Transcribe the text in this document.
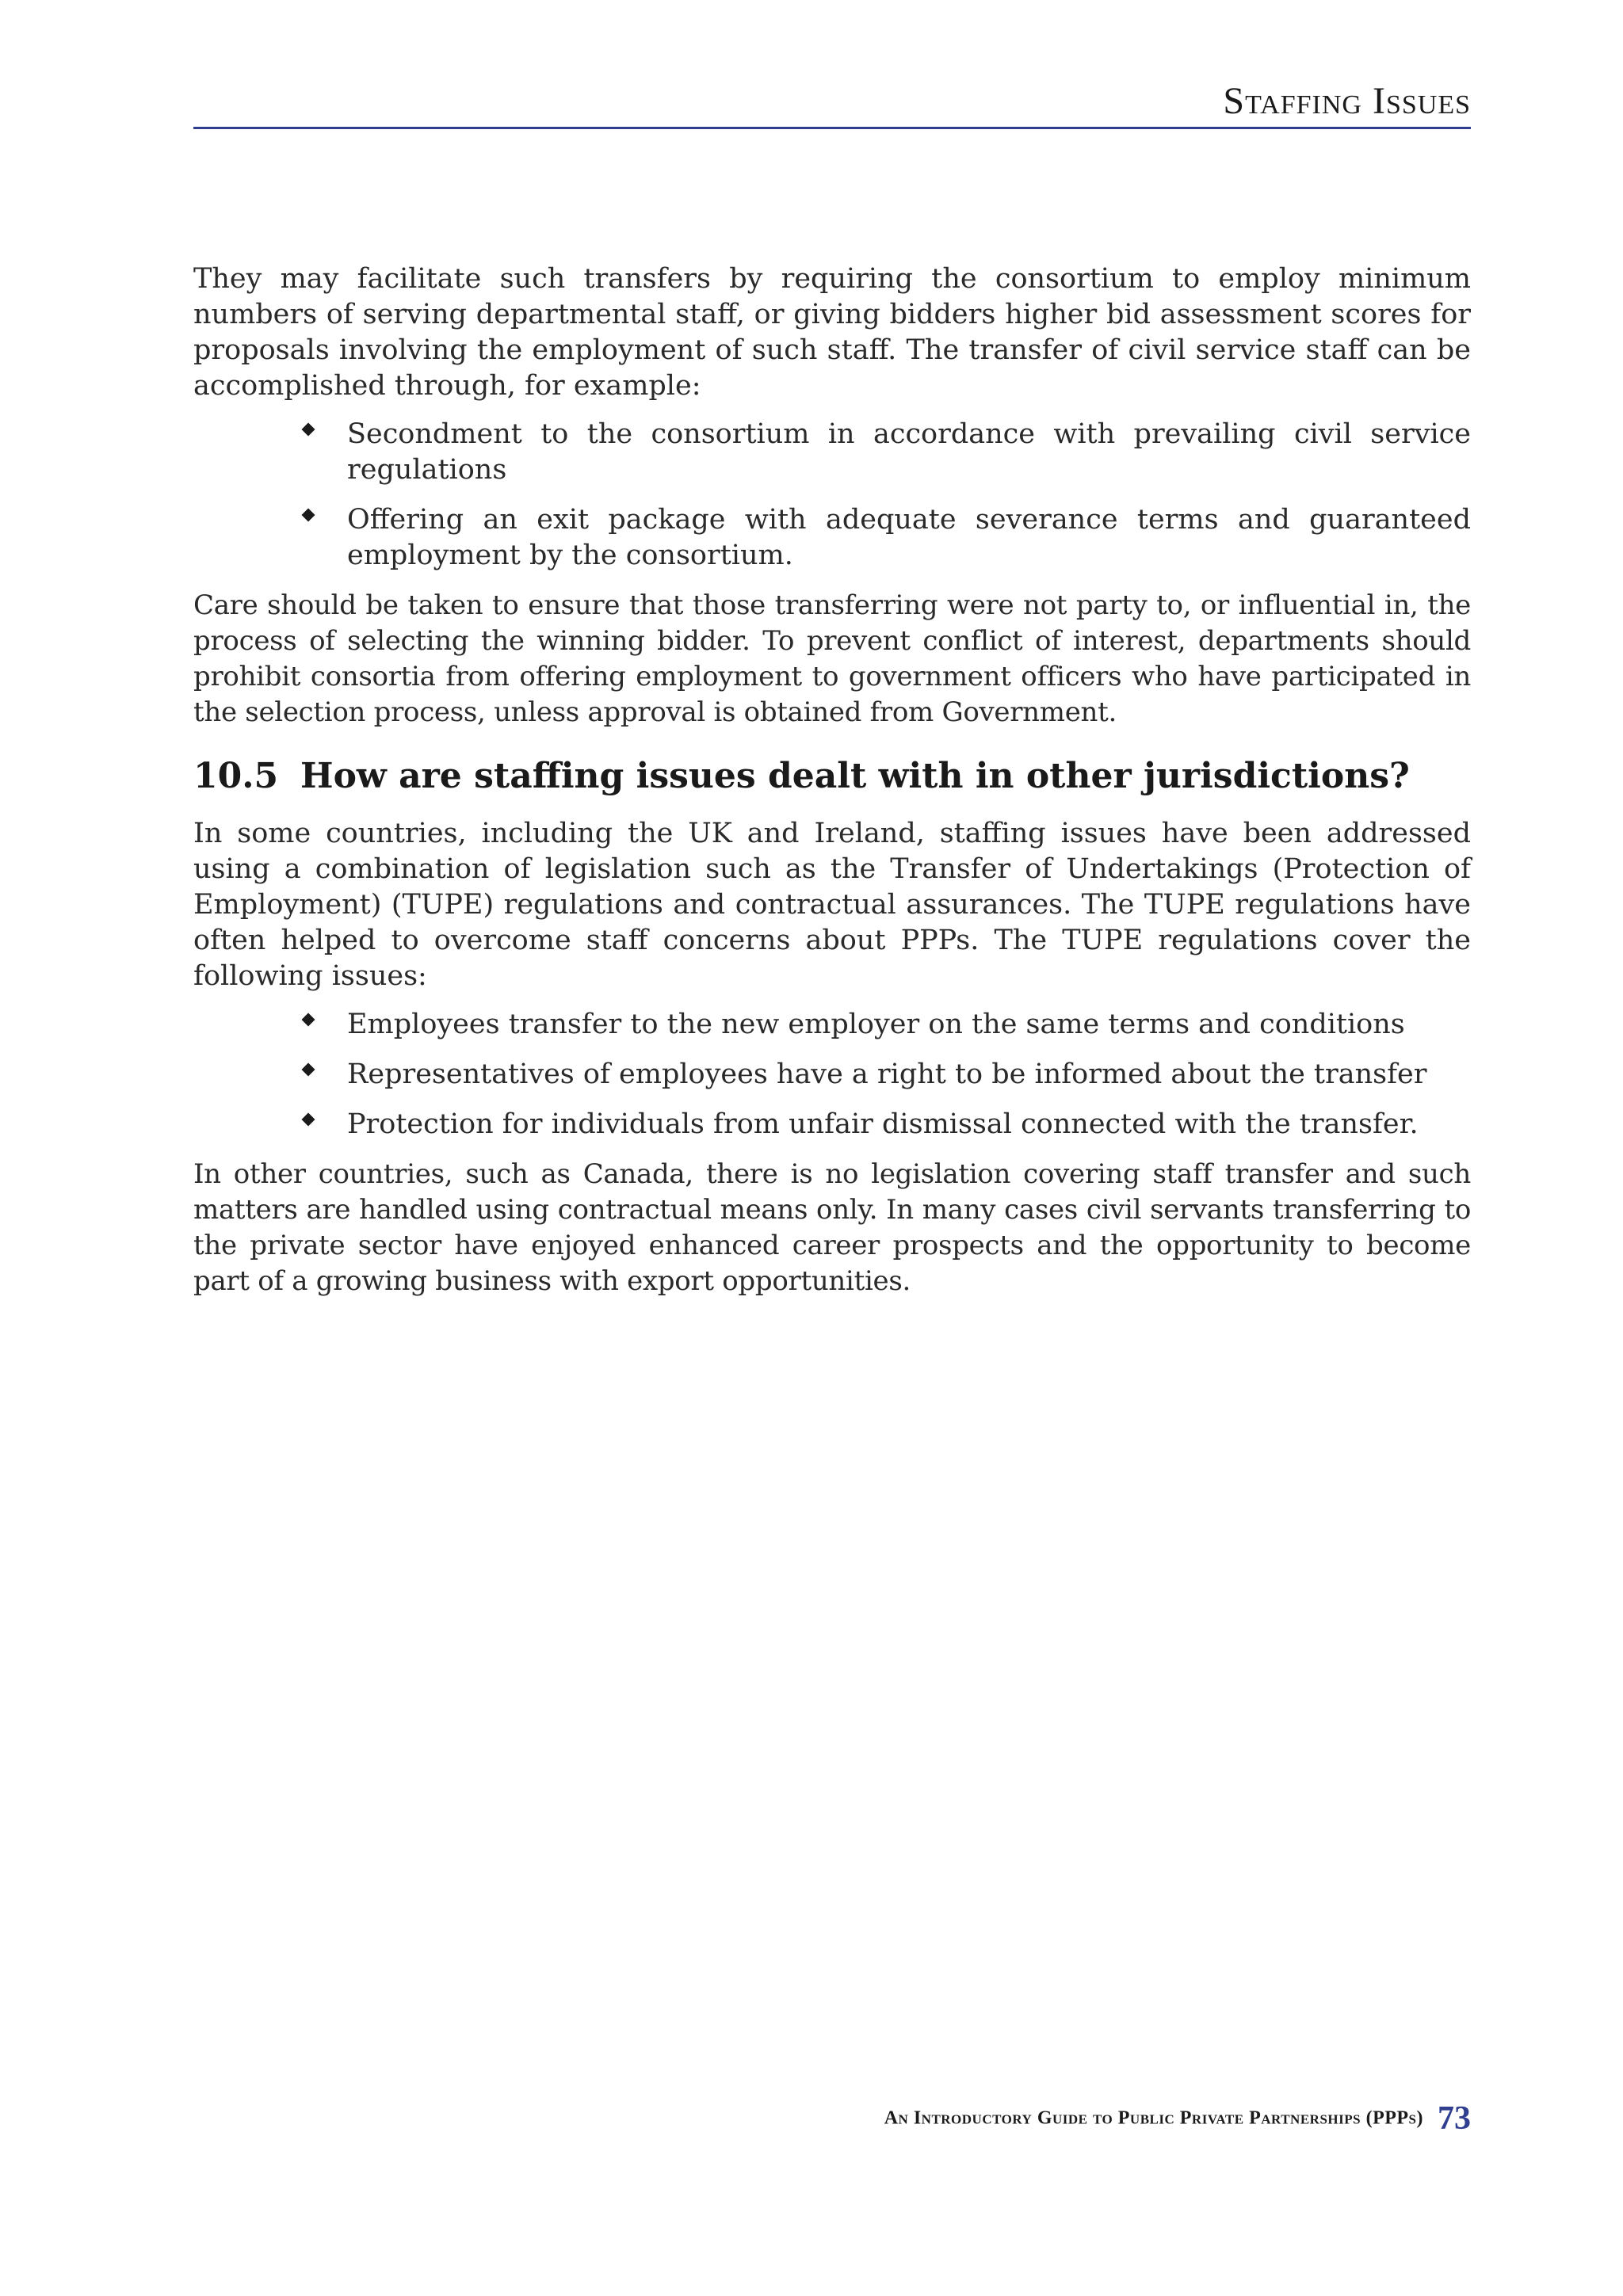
Staffing Issues

They may facilitate such transfers by requiring the consortium to employ minimum numbers of serving departmental staff, or giving bidders higher bid assessment scores for proposals involving the employment of such staff. The transfer of civil service staff can be accomplished through, for example:

Secondment to the consortium in accordance with prevailing civil service regulations
Offering an exit package with adequate severance terms and guaranteed employment by the consortium.

Care should be taken to ensure that those transferring were not party to, or influential in, the process of selecting the winning bidder. To prevent conflict of interest, departments should prohibit consortia from offering employment to government officers who have participated in the selection process, unless approval is obtained from Government.

10.5 How are staffing issues dealt with in other jurisdictions?

In some countries, including the UK and Ireland, staffing issues have been addressed using a combination of legislation such as the Transfer of Undertakings (Protection of Employment) (TUPE) regulations and contractual assurances. The TUPE regulations have often helped to overcome staff concerns about PPPs. The TUPE regulations cover the following issues:

Employees transfer to the new employer on the same terms and conditions
Representatives of employees have a right to be informed about the transfer
Protection for individuals from unfair dismissal connected with the transfer.

In other countries, such as Canada, there is no legislation covering staff transfer and such matters are handled using contractual means only. In many cases civil servants transferring to the private sector have enjoyed enhanced career prospects and the opportunity to become part of a growing business with export opportunities.

An Introductory Guide to Public Private Partnerships (PPPs) 73
